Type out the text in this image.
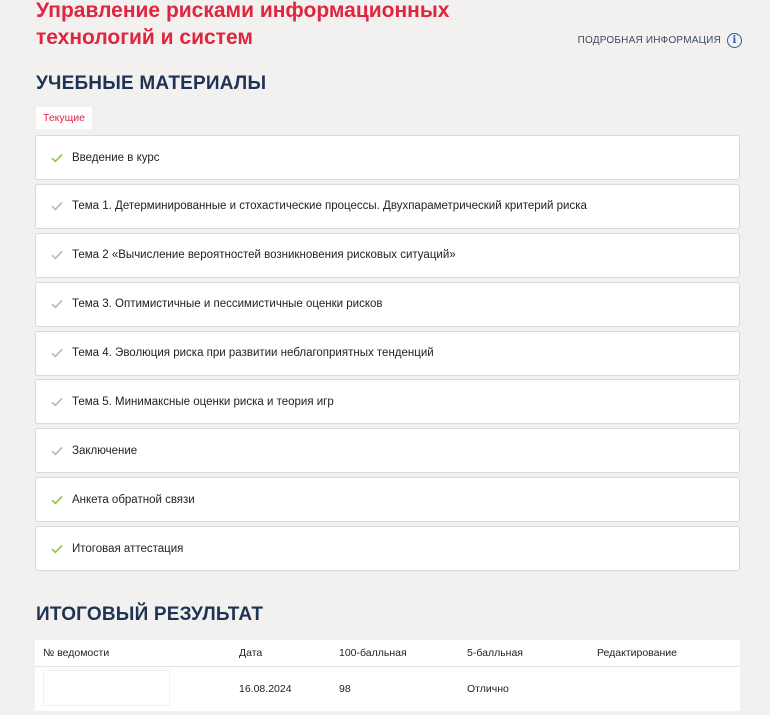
Управление рисками информационных технологий и систем	ПОДРОБНАЯ ИНФОРМАЦИЯ	i
УЧЕБНЫЕ МАТЕРИАЛЫ
Текущие
Введение в курс
Тема 1. Детерминированные и стохастические процессы. Двухпараметрический критерий риска
Тема 2 «Вычисление вероятностей возникновения рисковых ситуаций»
Тема 3. Оптимистичные и пессимистичные оценки рисков
Тема 4. Эволюция риска при развитии неблагоприятных тенденций
Тема 5. Минимаксные оценки риска и теория игр
Заключение
Анкета обратной связи
Итоговая аттестация
ИТОГОВЫЙ РЕЗУЛЬТАТ
№ ведомости	Дата	100-балльная	5-балльная	Редактирование
	16.08.2024	98	Отлично	
